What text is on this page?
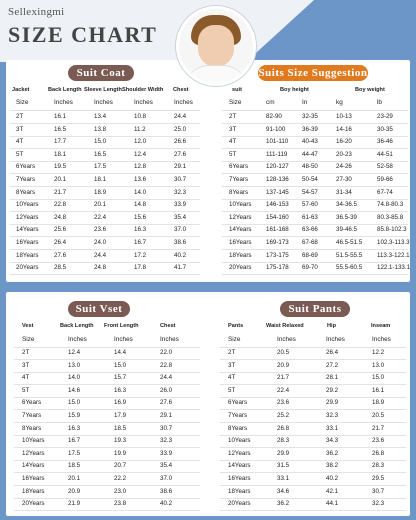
Sellexingmi
SIZE CHART
Suit Coat	Suits Size Suggestion
Suit Vset	Suit Pants
Jacket	Back Length Sleeve Length Shoulder Width Chest
Size	Inches	Inches	Inches	Inches
2T	16.1	13.4	10.8	24.4
3T	16.5	13.8	11.2	25.0
4T	17.7	15.0	12.0	26.6
5T	18.1	16.5	12.4	27.6
6Years	19.5	17.5	12.8	29.1
7Years	20.1	18.1	13.6	30.7
8Years	21.7	18.9	14.0	32.3
10Years	22.8	20.1	14.8	33.9
12Years	24.8	22.4	15.6	35.4
14Years	25.6	23.6	16.3	37.0
16Years	26.4	24.0	16.7	38.6
18Years	27.6	24.4	17.2	40.2
20Years	28.5	24.8	17.8	41.7
suit	Boy height	Boy weight
Size	cm	In	kg	lb
2T	82-90	32-35	10-13	23-29
3T	91-100	36-39	14-16	30-35
4T	101-110 40-43	16-20	36-46
5T	111-119 44-47	20-23	44-51
6Years	120-127 48-50	24-26	52-58
7Years	128-136 50-54	27-30	59-66
8Years	137-145 54-57	31-34	67-74
10Years 146-153 57-60	34-36.5	74.8-80.3
12Years 154-160 61-63	36.5-39	80.3-85.8
14Years 161-168 63-66	39-46.5	85.8-102.3
16Years 169-173 67-68	46.5-51.5 102.3-113.3
18Years 173-175 68-69	51.5-55.5 113.3-122.1
20Years 175-178 69-70	55.5-60.5 122.1-133.1
Vest	Back Length Front Length	Chest
Size	Inches	Inches	Inches
2T	12.4	14.4	22.0
3T	13.0	15.0	22.8
4T	14.0	15.7	24.4
5T	14.6	16.3	26.0
6Years	15.0	16.9	27.6
7Years	15.9	17.9	29.1
8Years	16.3	18.5	30.7
10Years	16.7	19.3	32.3
12Years	17.5	19.9	33.9
14Years	18.5	20.7	35.4
16Years	20.1	22.2	37.0
18Years	20.9	23.0	38.6
20Years	21.9	23.8	40.2
Pants	Waist Relaxed	Hip	Inseam
Size	Inches	Inches	Inches
2T	20.5	26.4	12.2
3T	20.9	27.2	13.0
4T	21.7	28.1	15.0
5T	22.4	29.2	16.1
6Years	23.6	29.9	18.9
7Years	25.2	32.3	20.5
8Years	26.8	33.1	21.7
10Years	28.3	34.3	23.6
12Years	29.9	36.2	26.8
14Years	31.5	38.2	28.3
16Years	33.1	40.2	29.5
18Years	34.6	42.1	30.7
20Years	36.2	44.1	32.3
